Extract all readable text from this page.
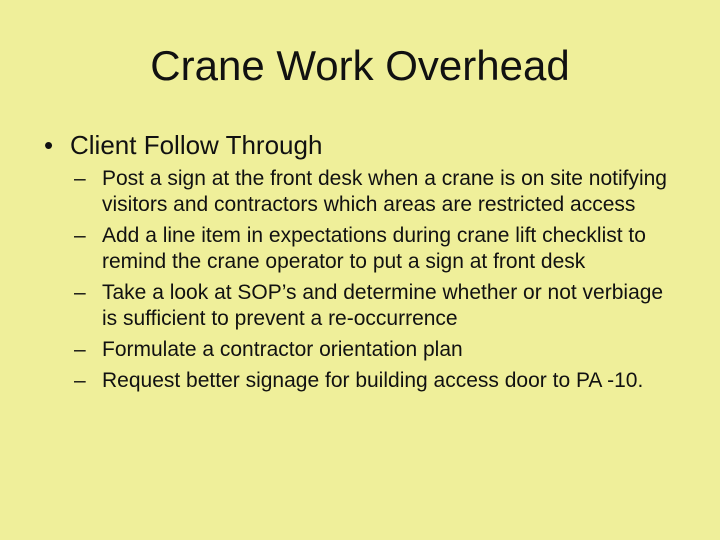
Crane Work Overhead
• Client Follow Through
– Post a sign at the front desk when a crane is on site notifying visitors and contractors which areas are restricted access
– Add a line item in expectations during crane lift checklist to remind the crane operator to put a sign at front desk
– Take a look at SOP’s and determine whether or not verbiage is sufficient to prevent a re-occurrence
– Formulate a contractor orientation plan
– Request better signage for building access door to PA -10.
